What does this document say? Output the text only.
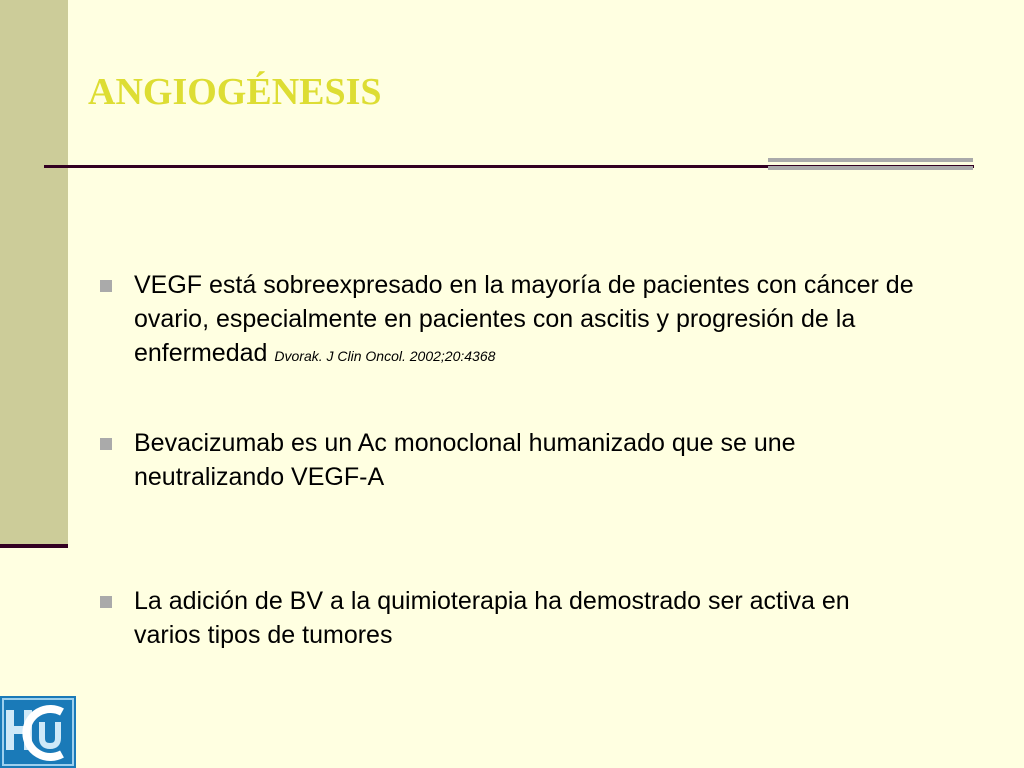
ANGIOGÉNESIS
VEGF está sobreexpresado en la mayoría de pacientes con cáncer de ovario, especialmente en pacientes con ascitis y progresión de la enfermedad Dvorak. J Clin Oncol. 2002;20:4368
Bevacizumab es un Ac monoclonal humanizado que se une neutralizando VEGF-A
La adición de BV a la quimioterapia ha demostrado ser activa en varios tipos de tumores
